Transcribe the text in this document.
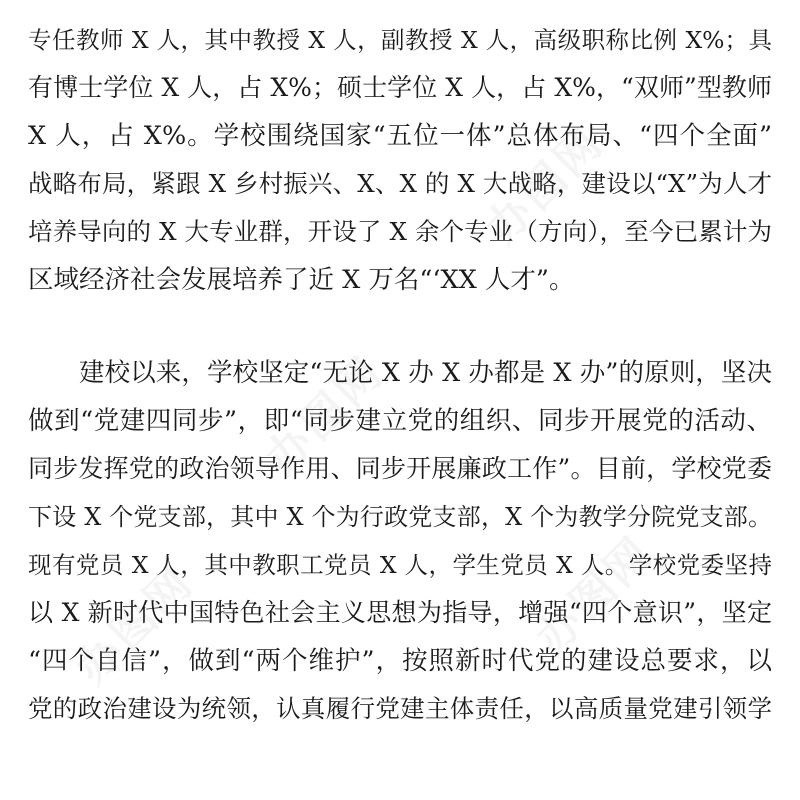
办图网
办图网
办图网
办图网
专任教师 X 人，其中教授 X 人，副教授 X 人，高级职称比例 X%；具
有博士学位 X 人，占 X%；硕士学位 X 人，占 X%，“双师”型教师
X 人，占 X%。学校围绕国家“五位一体”总体布局、“四个全面”
战略布局，紧跟 X 乡村振兴、X、X 的 X 大战略，建设以“X”为人才
培养导向的 X 大专业群，开设了 X 余个专业（方向），至今已累计为
区域经济社会发展培养了近 X 万名“‘XX 人才”。
建校以来，学校坚定“无论 X 办 X 办都是 X 办”的原则，坚决
做到“党建四同步”，即“同步建立党的组织、同步开展党的活动、
同步发挥党的政治领导作用、同步开展廉政工作”。目前，学校党委
下设 X 个党支部，其中 X 个为行政党支部，X 个为教学分院党支部。
现有党员 X 人，其中教职工党员 X 人，学生党员 X 人。学校党委坚持
以 X 新时代中国特色社会主义思想为指导，增强“四个意识”，坚定
“四个自信”，做到“两个维护”，按照新时代党的建设总要求，以
党的政治建设为统领，认真履行党建主体责任，以高质量党建引领学
